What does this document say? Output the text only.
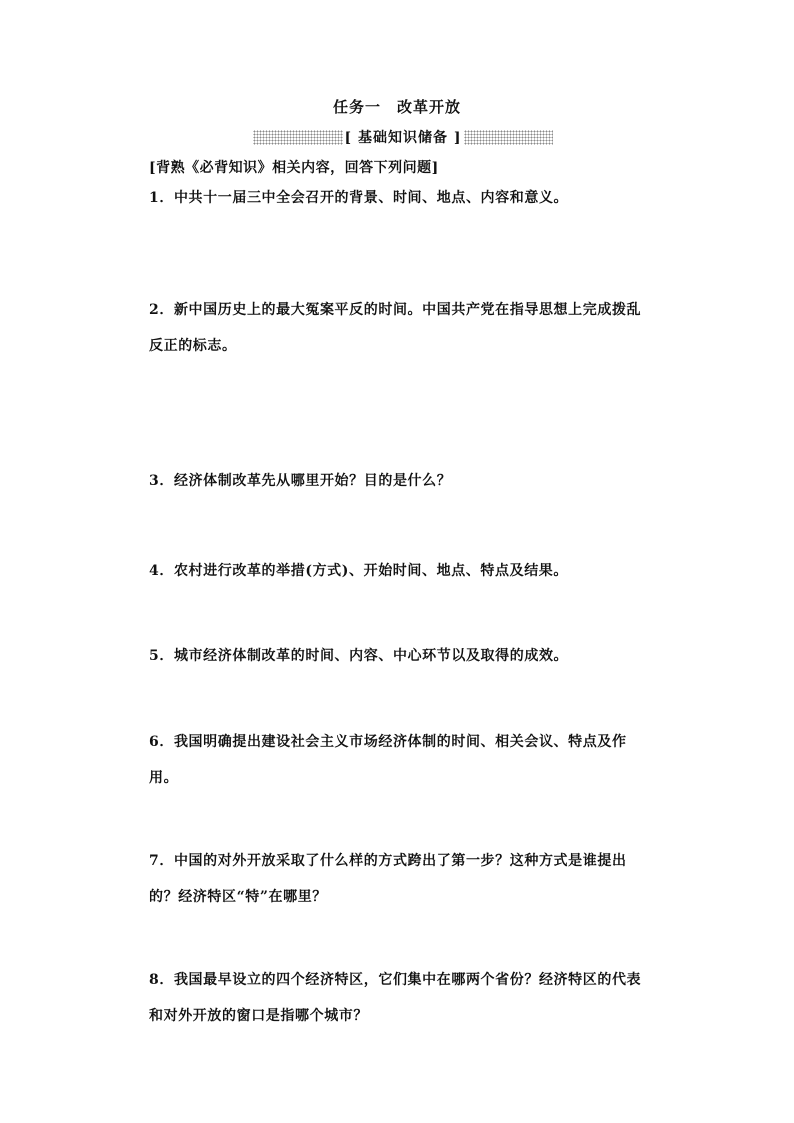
任务一　改革开放
[ 基础知识储备 ]
[背熟《必背知识》相关内容，回答下列问题]
1．中共十一届三中全会召开的背景、时间、地点、内容和意义。
2．新中国历史上的最大冤案平反的时间。中国共产党在指导思想上完成拨乱反正的标志。
3．经济体制改革先从哪里开始？目的是什么？
4．农村进行改革的举措(方式)、开始时间、地点、特点及结果。
5．城市经济体制改革的时间、内容、中心环节以及取得的成效。
6．我国明确提出建设社会主义市场经济体制的时间、相关会议、特点及作用。
7．中国的对外开放采取了什么样的方式跨出了第一步？这种方式是谁提出的？经济特区“特”在哪里？
8．我国最早设立的四个经济特区，它们集中在哪两个省份？经济特区的代表和对外开放的窗口是指哪个城市？
